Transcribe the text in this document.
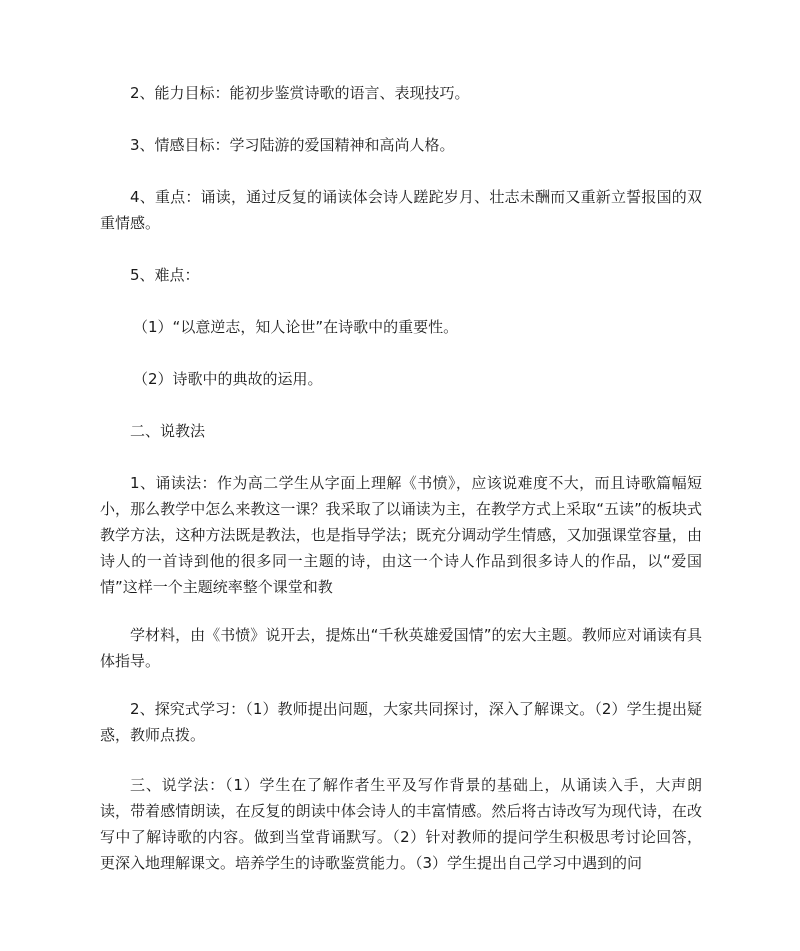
2、能力目标：能初步鉴赏诗歌的语言、表现技巧。

3、情感目标：学习陆游的爱国精神和高尚人格。

4、重点：诵读，通过反复的诵读体会诗人蹉跎岁月、壮志未酬而又重新立誓报国的双重情感。

5、难点：

（1）“以意逆志，知人论世”在诗歌中的重要性。

（2）诗歌中的典故的运用。

二、说教法

1、诵读法：作为高二学生从字面上理解《书愤》，应该说难度不大，而且诗歌篇幅短小，那么教学中怎么来教这一课？我采取了以诵读为主，在教学方式上采取“五读”的板块式教学方法，这种方法既是教法，也是指导学法；既充分调动学生情感，又加强课堂容量，由诗人的一首诗到他的很多同一主题的诗，由这一个诗人作品到很多诗人的作品，以“爱国情”这样一个主题统率整个课堂和教

学材料，由《书愤》说开去，提炼出“千秋英雄爱国情”的宏大主题。教师应对诵读有具体指导。

2、探究式学习：（1）教师提出问题，大家共同探讨，深入了解课文。（2）学生提出疑惑，教师点拨。

三、说学法：（1）学生在了解作者生平及写作背景的基础上，从诵读入手，大声朗读，带着感情朗读，在反复的朗读中体会诗人的丰富情感。然后将古诗改写为现代诗，在改写中了解诗歌的内容。做到当堂背诵默写。（2）针对教师的提问学生积极思考讨论回答，更深入地理解课文。培养学生的诗歌鉴赏能力。（3）学生提出自己学习中遇到的问
